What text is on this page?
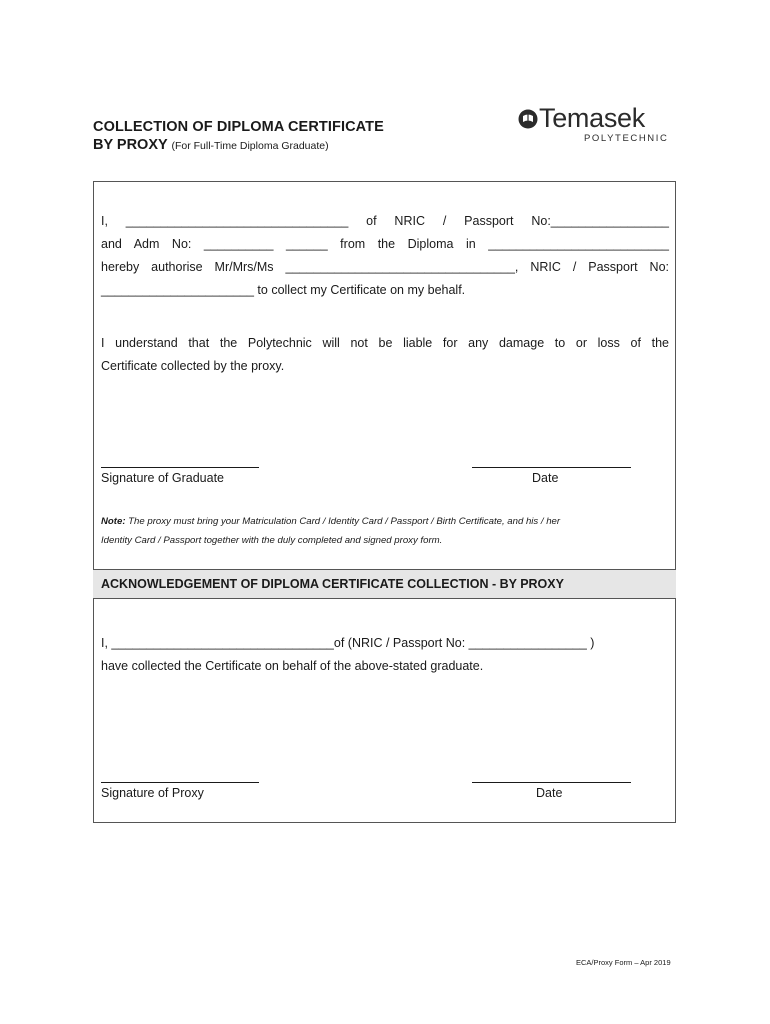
COLLECTION OF DIPLOMA CERTIFICATE
BY PROXY (For Full-Time Diploma Graduate)
Temasek
POLYTECHNIC
I, ________________________________ of NRIC / Passport No:_________________
and Adm No: __________ ______ from the Diploma in __________________________
hereby authorise Mr/Mrs/Ms _________________________________, NRIC / Passport No:
______________________ to collect my Certificate on my behalf.
I understand that the Polytechnic will not be liable for any damage to or loss of the
Certificate collected by the proxy.
Signature of Graduate	Date
Note: The proxy must bring your Matriculation Card / Identity Card / Passport / Birth Certificate, and his / her
Identity Card / Passport together with the duly completed and signed proxy form.
ACKNOWLEDGEMENT OF DIPLOMA CERTIFICATE COLLECTION - BY PROXY
I, ________________________________of (NRIC / Passport No: _________________ )
have collected the Certificate on behalf of the above-stated graduate.
Signature of Proxy	Date
ECA/Proxy Form – Apr 2019
